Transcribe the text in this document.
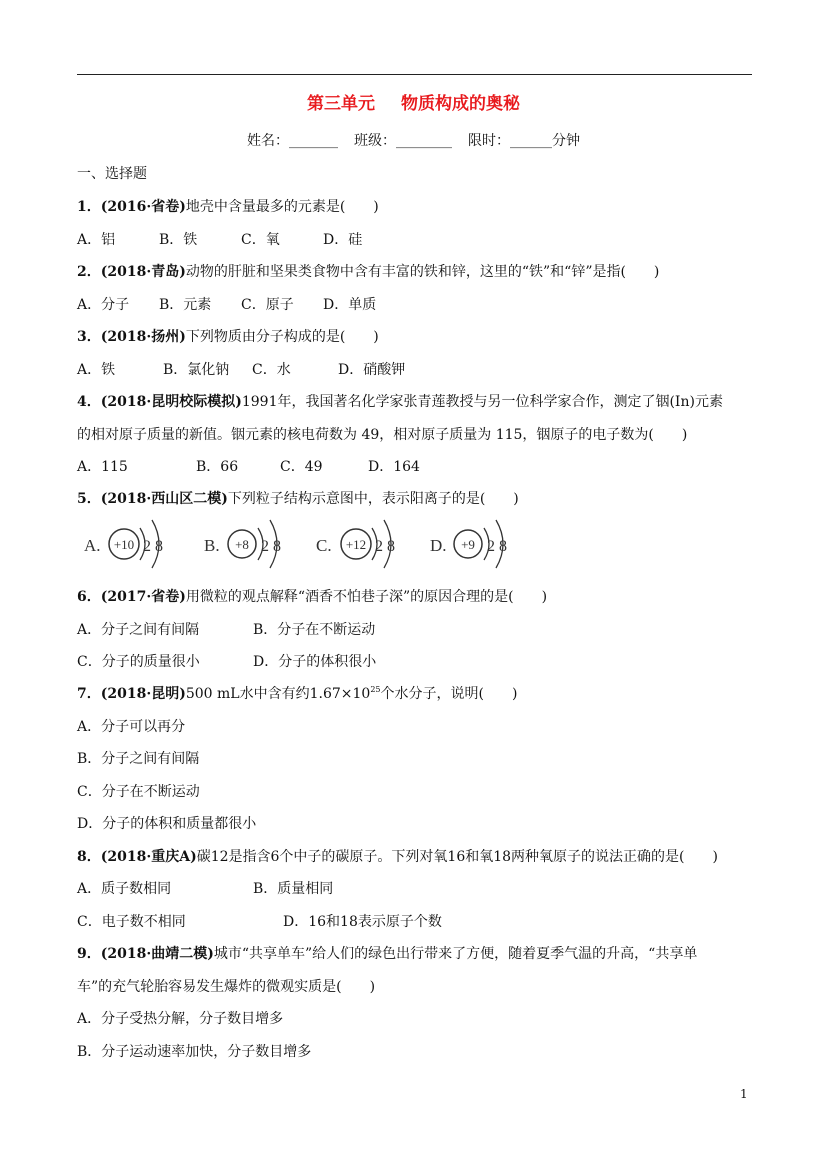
第三单元 物质构成的奥秘
姓名：_______ 班级：________ 限时：______分钟
一、选择题
1．(2016·省卷)地壳中含量最多的元素是(　　)
A．铝	B．铁	C．氧	D．硅
2．(2018·青岛)动物的肝脏和坚果类食物中含有丰富的铁和锌，这里的“铁”和“锌”是指(　　)
A．分子 B．元素 C．原子 D．单质
3．(2018·扬州)下列物质由分子构成的是(　　)
A．铁	B．氯化钠 C．水	D．硝酸钾
4．(2018·昆明校际模拟)1991年，我国著名化学家张青莲教授与另一位科学家合作，测定了铟(In)元素
的相对原子质量的新值。铟元素的核电荷数为 49，相对原子质量为 115，铟原子的电子数为(　　)
A．115	B．66	C．49	D．164
5．(2018·西山区二模)下列粒子结构示意图中，表示阳离子的是(　　)
A. +10 2 8 B. +8 2 8 C. +12 2 8 D. +9 2 8
6．(2017·省卷)用微粒的观点解释“酒香不怕巷子深”的原因合理的是(　　)
A．分子之间有间隔	B．分子在不断运动
C．分子的质量很小	D．分子的体积很小
7．(2018·昆明)500 mL水中含有约$1.67\times 10^{25}$个水分子，说明(　　)
A．分子可以再分
B．分子之间有间隔
C．分子在不断运动
D．分子的体积和质量都很小
8．(2018·重庆A)碳12是指含6个中子的碳原子。下列对氧16和氧18两种氧原子的说法正确的是(　　)
A．质子数相同	B．质量相同
C．电子数不相同	D．16和18表示原子个数
9．(2018·曲靖二模)城市“共享单车”给人们的绿色出行带来了方便，随着夏季气温的升高，“共享单
车”的充气轮胎容易发生爆炸的微观实质是(　　)
A．分子受热分解，分子数目增多
B．分子运动速率加快，分子数目增多
1
